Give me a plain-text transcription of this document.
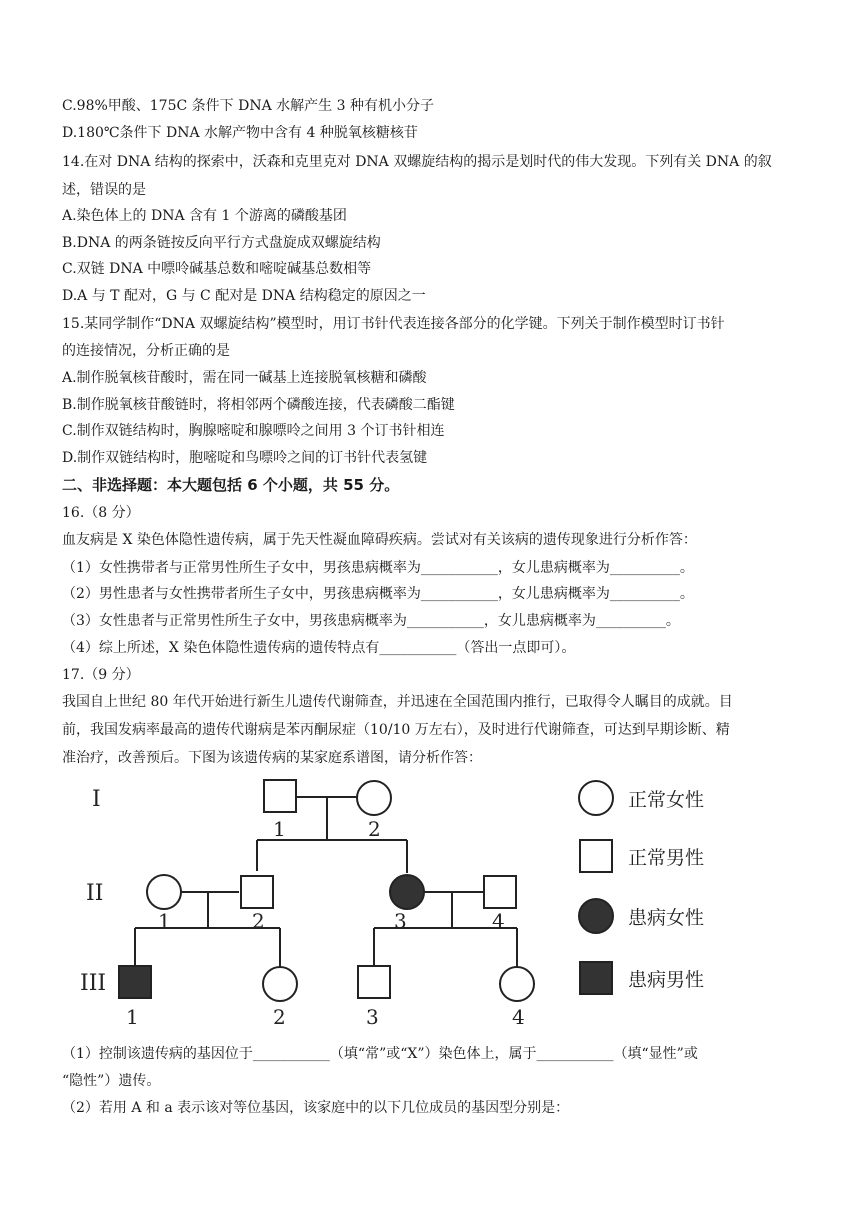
C.98%甲酸、175C 条件下 DNA 水解产生 3 种有机小分子
D.180℃条件下 DNA 水解产物中含有 4 种脱氧核糖核苷
14.在对 DNA 结构的探索中，沃森和克里克对 DNA 双螺旋结构的揭示是划时代的伟大发现。下列有关 DNA 的叙
述，错误的是
A.染色体上的 DNA 含有 1 个游离的磷酸基团
B.DNA 的两条链按反向平行方式盘旋成双螺旋结构
C.双链 DNA 中嘌呤碱基总数和嘧啶碱基总数相等
D.A 与 T 配对，G 与 C 配对是 DNA 结构稳定的原因之一
15.某同学制作“DNA 双螺旋结构”模型时，用订书针代表连接各部分的化学键。下列关于制作模型时订书针
的连接情况，分析正确的是
A.制作脱氧核苷酸时，需在同一碱基上连接脱氧核糖和磷酸
B.制作脱氧核苷酸链时，将相邻两个磷酸连接，代表磷酸二酯键
C.制作双链结构时，胸腺嘧啶和腺嘌呤之间用 3 个订书针相连
D.制作双链结构时，胞嘧啶和鸟嘌呤之间的订书针代表氢键
二、非选择题：本大题包括 6 个小题，共 55 分。
16.（8 分）
血友病是 X 染色体隐性遗传病，属于先天性凝血障碍疾病。尝试对有关该病的遗传现象进行分析作答：
（1）女性携带者与正常男性所生子女中，男孩患病概率为___________，女儿患病概率为__________。
（2）男性患者与女性携带者所生子女中，男孩患病概率为___________，女儿患病概率为__________。
（3）女性患者与正常男性所生子女中，男孩患病概率为___________，女儿患病概率为__________。
（4）综上所述，X 染色体隐性遗传病的遗传特点有___________（答出一点即可）。
17.（9 分）
我国自上世纪 80 年代开始进行新生儿遗传代谢筛查，并迅速在全国范围内推行，已取得令人瞩目的成就。目
前，我国发病率最高的遗传代谢病是苯丙酮尿症（10/10 万左右），及时进行代谢筛查，可达到早期诊断、精
准治疗，改善预后。下图为该遗传病的某家庭系谱图，请分析作答：
I
II
III
1	2
1	2	3	4
1	2	3	4
正常女性
正常男性
患病女性
患病男性
（1）控制该遗传病的基因位于___________（填“常”或“X”）染色体上，属于___________（填“显性”或
“隐性”）遗传。
（2）若用 A 和 a 表示该对等位基因，该家庭中的以下几位成员的基因型分别是：
